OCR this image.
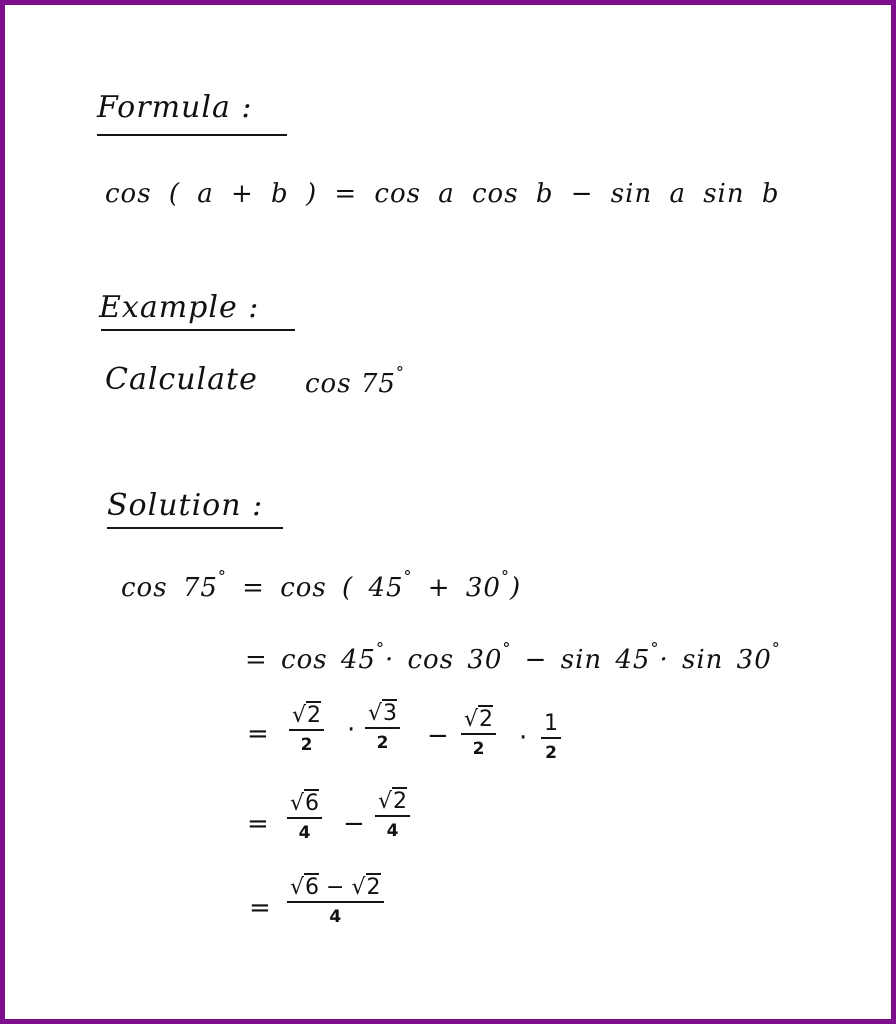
Formula :
cos ( a + b ) = cos a cos b − sin a sin b
Example :
Calculate cos 75°
Solution :
cos 75° = cos ( 45° + 30°)
= cos 45°· cos 30° − sin 45°· sin 30°
=
√2
2 ·
√3
2 −
√2
2 · 1
2
=
√6
4 −
√2
4
=
√6 − √2
4
